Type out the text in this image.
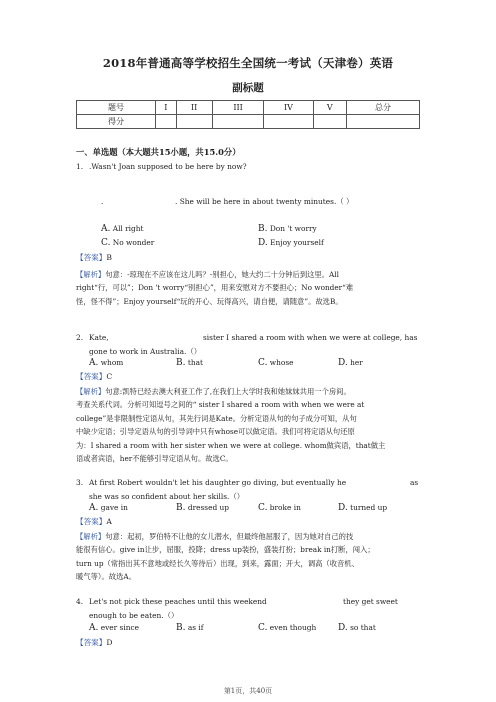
2018年普通高等学校招生全国统一考试（天津卷）英语
副标题
题号	I	II	III	IV	V	总分
得分						
一、单选题（本大题共15小题，共15.0分）
1. .Wasn't Joan supposed to be here by now?
.	. She will be here in about twenty minutes.（ ）
A. All right	B. Don 't worry
C. No wonder	D. Enjoy yourself
【答案】B
【解析】句意：-琼现在不应该在这儿吗？-别担心，她大约二十分钟后到这里。All
right“行，可以”；Don 't worry“别担心”，用来安慰对方不要担心；No wonder“难
怪，怪不得”；Enjoy yourself“玩的开心、玩得高兴，请自便，请随意”。故选B。
2. Kate,	sister I shared a room with when we were at college, has
gone to work in Australia.（）
A. whom	B. that	C. whose	D. her
【答案】C
【解析】句意:凯特已经去澳大利亚工作了,在我们上大学时我和她妹妹共用一个房间。
考查关系代词。分析可知逗号之间的“ sister I shared a room with when we were at
college”是非限制性定语从句，其先行词是Kate。分析定语从句的句子成分可知，从句
中缺少定语；引导定语从句的引导词中只有whose可以做定语。我们可将定语从句还原
为：I shared a room with her sister when we were at college. whom做宾语，that做主
语或者宾语，her不能够引导定语从句。故选C。
3. At first Robert wouldn't let his daughter go diving, but eventually he	as
she was so confident about her skills.（）
A. gave in	B. dressed up	C. broke in	D. turned up
【答案】A
【解析】句意：起初，罗伯特不让他的女儿潜水，但最终他屈服了，因为她对自己的技
能很有信心。give in让步，屈服，投降；dress up装扮，盛装打扮；break in打断，闯入；
turn up（常指出其不意地或经长久等待后）出现，到来，露面；开大，调高（收音机、
暖气等）。故选A。
4. Let's not pick these peaches until this weekend	they get sweet
enough to be eaten.（）
A. ever since	B. as if	C. even though D. so that
【答案】D
第1页，共40页
